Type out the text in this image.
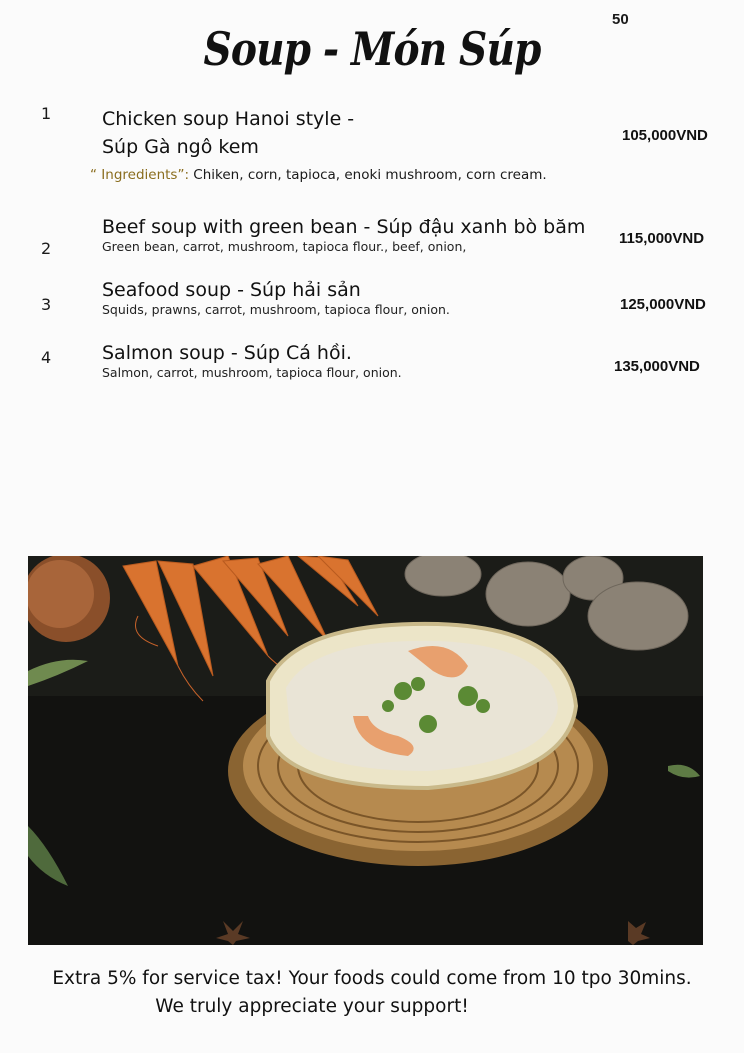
50
Soup - Món Súp
1	Chicken soup Hanoi style -
Súp Gà ngô kem
105,000VND
“ Ingredients”: Chiken, corn, tapioca, enoki mushroom, corn cream.
2
Beef soup with green bean - Súp đậu xanh bò băm
Green bean, carrot, mushroom, tapioca flour., beef, onion,	115,000VND
3
Seafood soup - Súp hải sản
Squids, prawns, carrot, mushroom, tapioca flour, onion.	125,000VND
4	Salmon soup - Súp Cá hồi.
Salmon, carrot, mushroom, tapioca flour, onion.	135,000VND
Extra 5% for service tax! Your foods could come from 10 tpo 30mins.
We truly appreciate your support!
